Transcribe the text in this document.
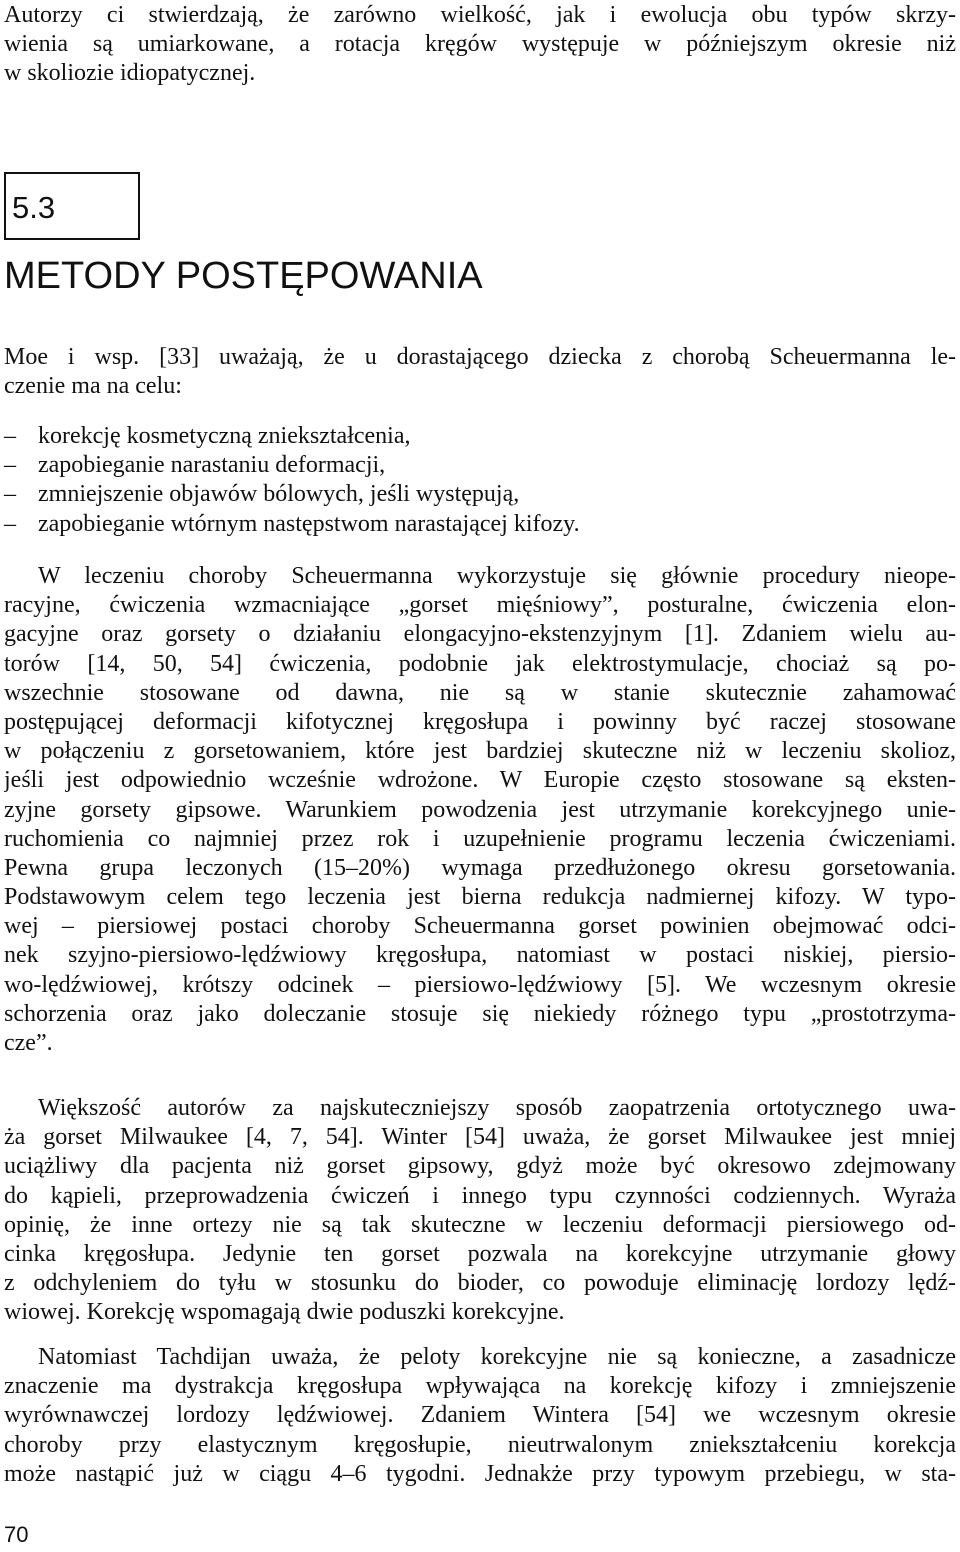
Autorzy ci stwierdzają, że zarówno wielkość, jak i ewolucja obu typów skrzy-
wienia są umiarkowane, a rotacja kręgów występuje w późniejszym okresie niż
w skoliozie idiopatycznej.
5.3
METODY POSTĘPOWANIA
Moe i wsp. [33] uważają, że u dorastającego dziecka z chorobą Scheuermanna le-
czenie ma na celu:
– korekcję kosmetyczną zniekształcenia,
– zapobieganie narastaniu deformacji,
– zmniejszenie objawów bólowych, jeśli występują,
– zapobieganie wtórnym następstwom narastającej kifozy.
W leczeniu choroby Scheuermanna wykorzystuje się głównie procedury nieope-
racyjne, ćwiczenia wzmacniające „gorset mięśniowy”, posturalne, ćwiczenia elon-
gacyjne oraz gorsety o działaniu elongacyjno-ekstenzyjnym [1]. Zdaniem wielu au-
torów [14, 50, 54] ćwiczenia, podobnie jak elektrostymulacje, chociaż są po-
wszechnie stosowane od dawna, nie są w stanie skutecznie zahamować
postępującej deformacji kifotycznej kręgosłupa i powinny być raczej stosowane
w połączeniu z gorsetowaniem, które jest bardziej skuteczne niż w leczeniu skolioz,
jeśli jest odpowiednio wcześnie wdrożone. W Europie często stosowane są eksten-
zyjne gorsety gipsowe. Warunkiem powodzenia jest utrzymanie korekcyjnego unie-
ruchomienia co najmniej przez rok i uzupełnienie programu leczenia ćwiczeniami.
Pewna grupa leczonych (15–20%) wymaga przedłużonego okresu gorsetowania.
Podstawowym celem tego leczenia jest bierna redukcja nadmiernej kifozy. W typo-
wej – piersiowej postaci choroby Scheuermanna gorset powinien obejmować odci-
nek szyjno-piersiowo-lędźwiowy kręgosłupa, natomiast w postaci niskiej, piersio-
wo-lędźwiowej, krótszy odcinek – piersiowo-lędźwiowy [5]. We wczesnym okresie
schorzenia oraz jako doleczanie stosuje się niekiedy różnego typu „prostotrzyma-
cze”.
Większość autorów za najskuteczniejszy sposób zaopatrzenia ortotycznego uwa-
ża gorset Milwaukee [4, 7, 54]. Winter [54] uważa, że gorset Milwaukee jest mniej
uciążliwy dla pacjenta niż gorset gipsowy, gdyż może być okresowo zdejmowany
do kąpieli, przeprowadzenia ćwiczeń i innego typu czynności codziennych. Wyraża
opinię, że inne ortezy nie są tak skuteczne w leczeniu deformacji piersiowego od-
cinka kręgosłupa. Jedynie ten gorset pozwala na korekcyjne utrzymanie głowy
z odchyleniem do tyłu w stosunku do bioder, co powoduje eliminację lordozy lędź-
wiowej. Korekcję wspomagają dwie poduszki korekcyjne.
Natomiast Tachdijan uważa, że peloty korekcyjne nie są konieczne, a zasadnicze
znaczenie ma dystrakcja kręgosłupa wpływająca na korekcję kifozy i zmniejszenie
wyrównawczej lordozy lędźwiowej. Zdaniem Wintera [54] we wczesnym okresie
choroby przy elastycznym kręgosłupie, nieutrwalonym zniekształceniu korekcja
może nastąpić już w ciągu 4–6 tygodni. Jednakże przy typowym przebiegu, w sta-
70
